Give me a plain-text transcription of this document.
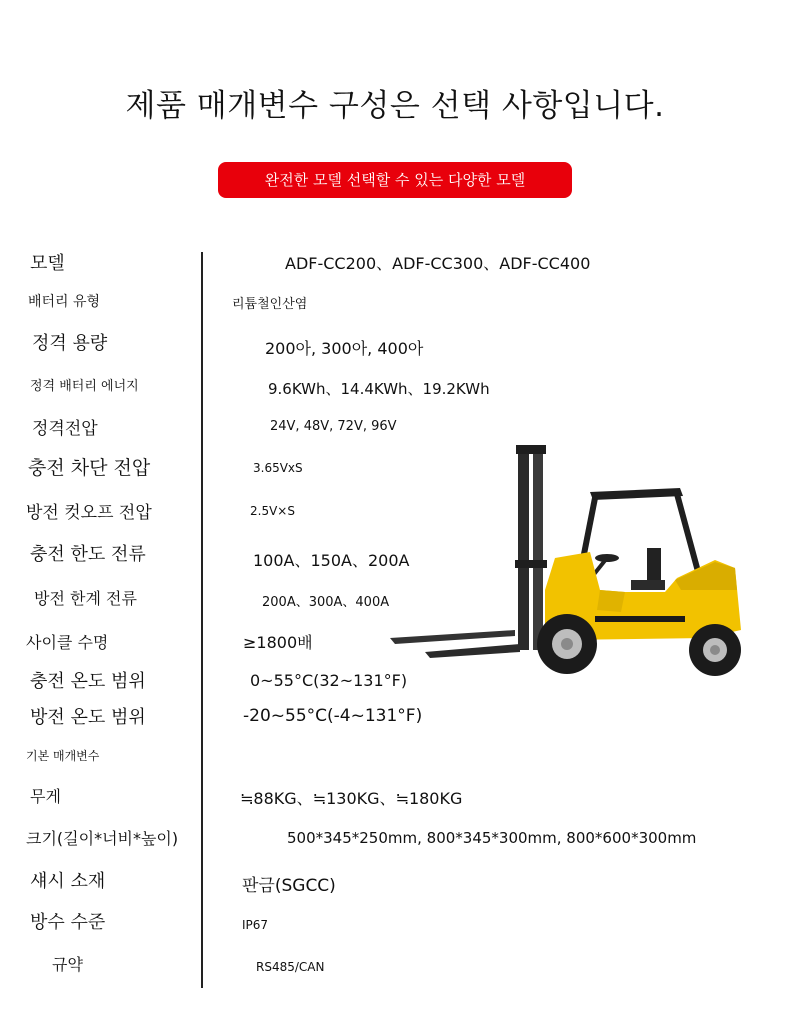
제품 매개변수 구성은 선택 사항입니다.
완전한 모델 선택할 수 있는 다양한 모델
모델	ADF-CC200、ADF-CC300、ADF-CC400
배터리 유형	리튬철인산염
정격 용량	200아, 300아, 400아
정격 배터리 에너지	9.6KWh、14.4KWh、19.2KWh
정격전압	24V, 48V, 72V, 96V
충전 차단 전압	3.65VxS
방전 컷오프 전압	2.5V×S
충전 한도 전류	100A、150A、200A
방전 한계 전류	200A、300A、400A
사이클 수명	≥1800배
충전 온도 범위	0~55°C(32~131°F)
방전 온도 범위	-20~55°C(-4~131°F)
기본 매개변수
무게	≒88KG、≒130KG、≒180KG
크기(길이*너비*높이)	500*345*250mm, 800*345*300mm, 800*600*300mm
섀시 소재	판금(SGCC)
방수 수준	IP67
규약	RS485/CAN
